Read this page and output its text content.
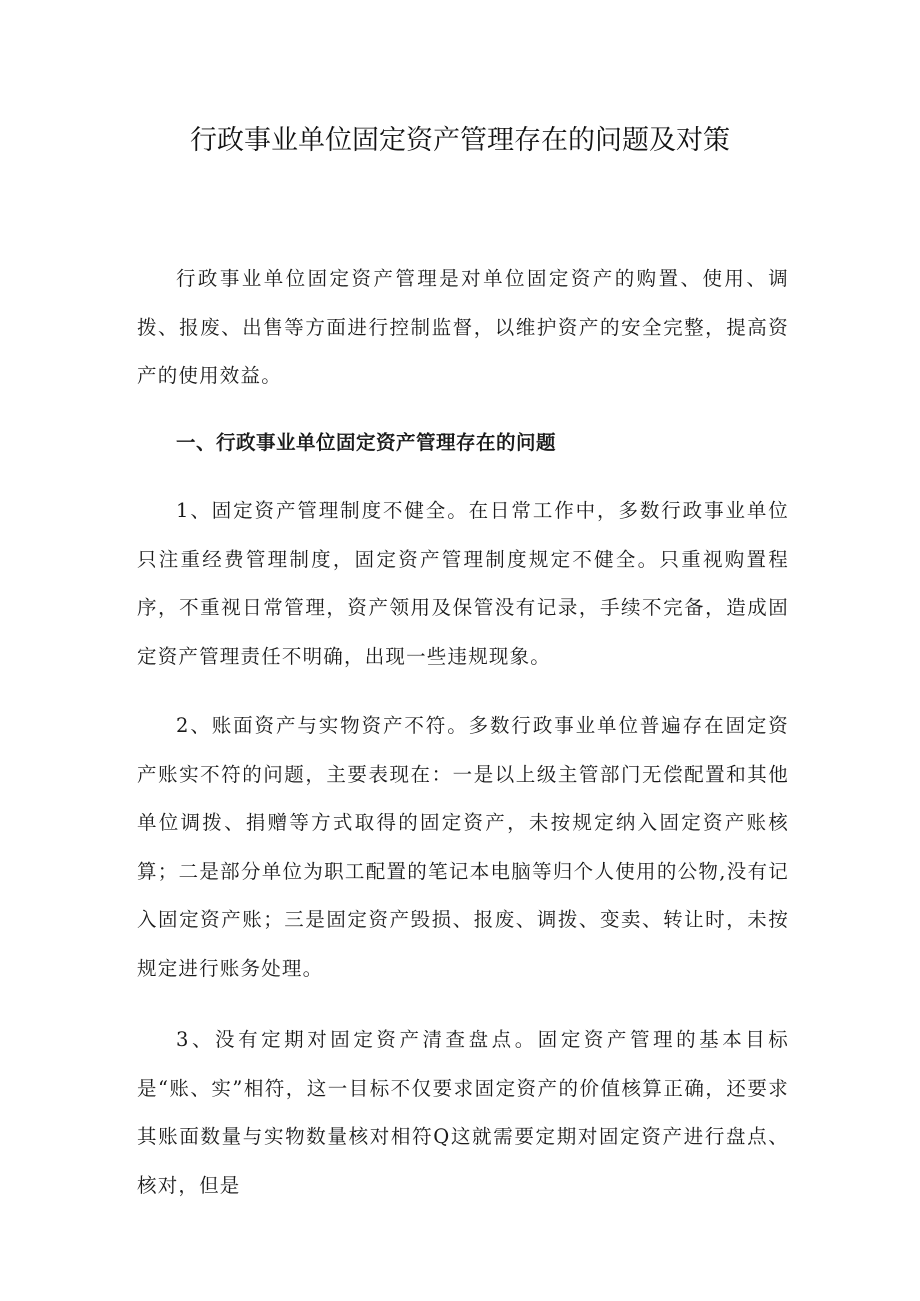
行政事业单位固定资产管理存在的问题及对策

行政事业单位固定资产管理是对单位固定资产的购置、使用、调拨、报废、出售等方面进行控制监督，以维护资产的安全完整，提高资产的使用效益。

一、行政事业单位固定资产管理存在的问题

1、固定资产管理制度不健全。在日常工作中，多数行政事业单位只注重经费管理制度，固定资产管理制度规定不健全。只重视购置程序，不重视日常管理，资产领用及保管没有记录，手续不完备，造成固定资产管理责任不明确，出现一些违规现象。

2、账面资产与实物资产不符。多数行政事业单位普遍存在固定资产账实不符的问题，主要表现在：一是以上级主管部门无偿配置和其他单位调拨、捐赠等方式取得的固定资产，未按规定纳入固定资产账核算；二是部分单位为职工配置的笔记本电脑等归个人使用的公物,没有记入固定资产账；三是固定资产毁损、报废、调拨、变卖、转让时，未按规定进行账务处理。

3、没有定期对固定资产清查盘点。固定资产管理的基本目标是“账、实”相符，这一目标不仅要求固定资产的价值核算正确，还要求其账面数量与实物数量核对相符Q这就需要定期对固定资产进行盘点、核对，但是
